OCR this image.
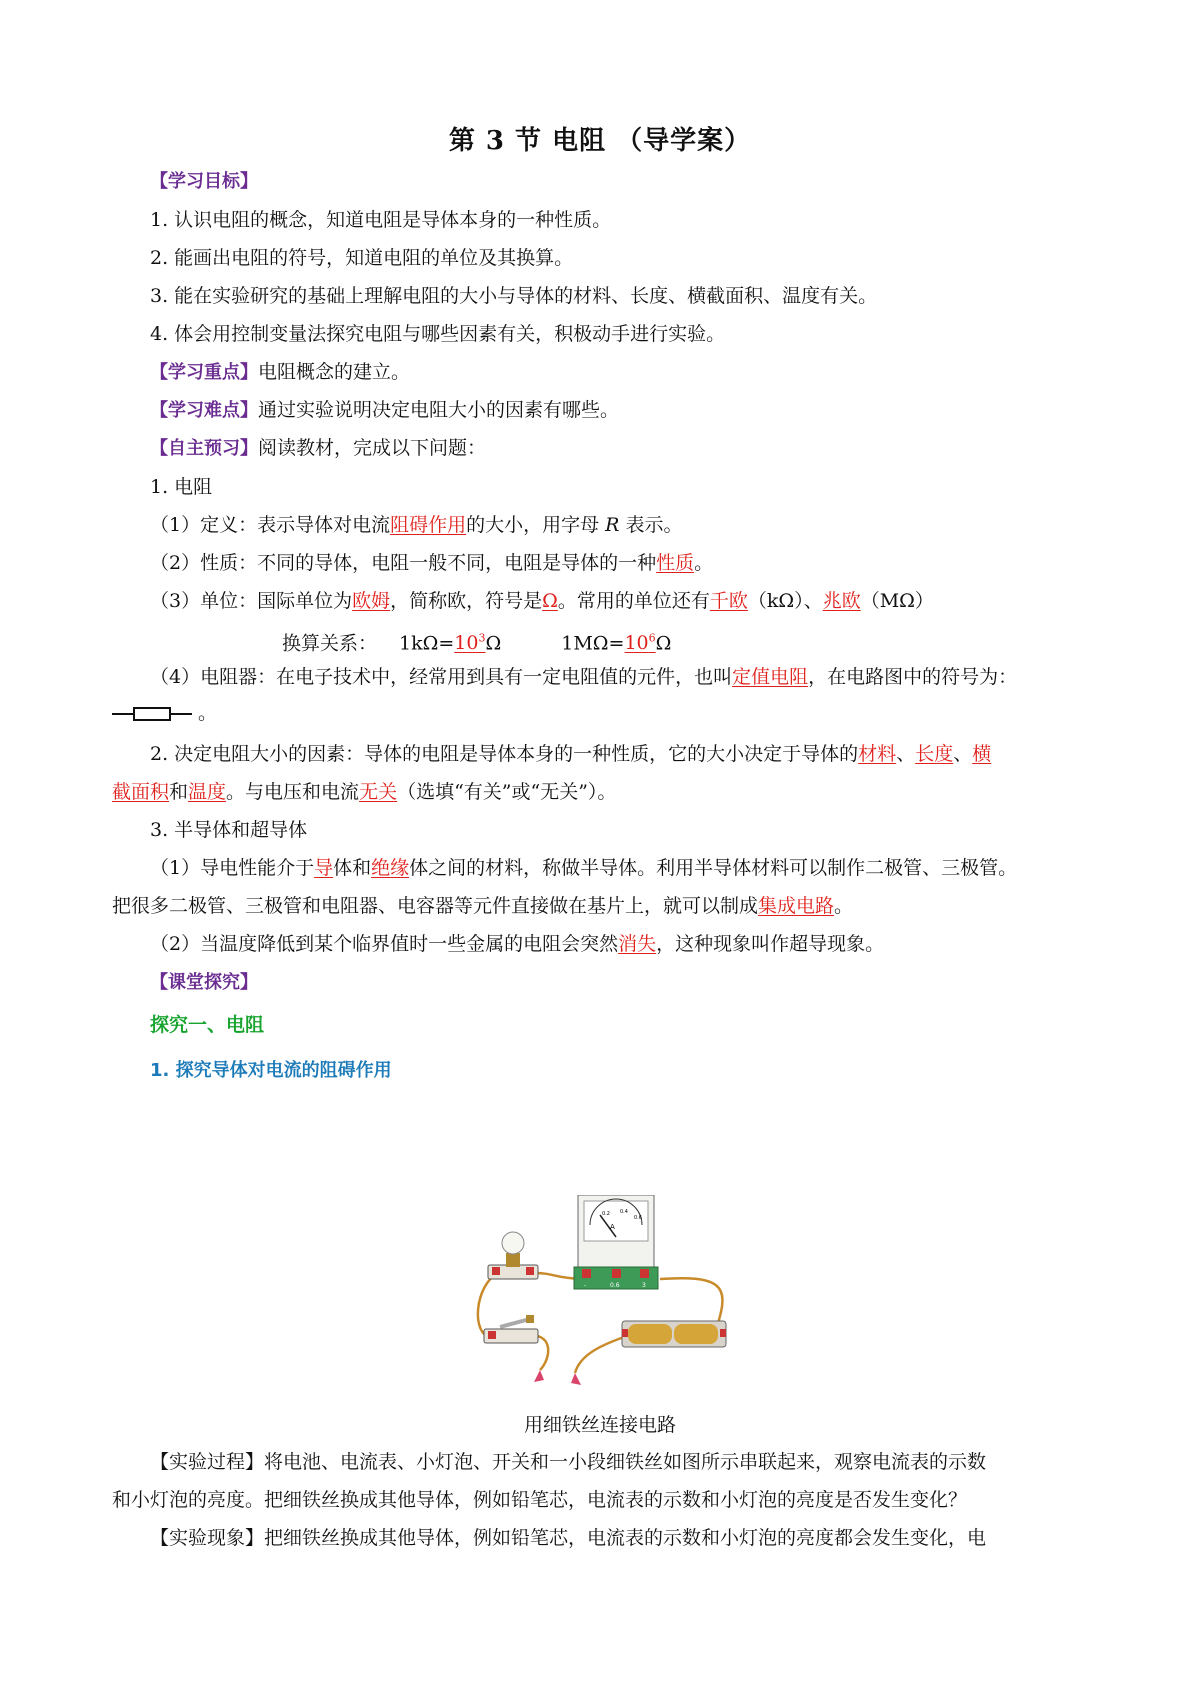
第 3 节 电阻 （导学案）
【学习目标】
1. 认识电阻的概念，知道电阻是导体本身的一种性质。
2. 能画出电阻的符号，知道电阻的单位及其换算。
3. 能在实验研究的基础上理解电阻的大小与导体的材料、长度、横截面积、温度有关。
4. 体会用控制变量法探究电阻与哪些因素有关，积极动手进行实验。
【学习重点】电阻概念的建立。
【学习难点】通过实验说明决定电阻大小的因素有哪些。
【自主预习】阅读教材，完成以下问题：
1. 电阻
（1）定义：表示导体对电流阻碍作用的大小，用字母 R 表示。
（2）性质：不同的导体，电阻一般不同，电阻是导体的一种性质。
（3）单位：国际单位为欧姆，简称欧，符号是Ω。常用的单位还有千欧（kΩ）、兆欧（MΩ）
换算关系： $1k\Omega=10^3\Omega$	$1M\Omega=10^6\Omega$
（4）电阻器：在电子技术中，经常用到具有一定电阻值的元件，也叫定值电阻，在电路图中的符号为：
。
2. 决定电阻大小的因素：导体的电阻是导体本身的一种性质，它的大小决定于导体的材料、长度、横
截面积和温度。与电压和电流无关（选填“有关”或“无关”）。
3. 半导体和超导体
（1）导电性能介于导体和绝缘体之间的材料，称做半导体。利用半导体材料可以制作二极管、三极管。
把很多二极管、三极管和电阻器、电容器等元件直接做在基片上，就可以制成集成电路。
（2）当温度降低到某个临界值时一些金属的电阻会突然消失，这种现象叫作超导现象。
【课堂探究】
探究一、电阻
1. 探究导体对电流的阻碍作用
A
0.2 0.4
0.6
-	0.6	3
用细铁丝连接电路
【实验过程】将电池、电流表、小灯泡、开关和一小段细铁丝如图所示串联起来，观察电流表的示数
和小灯泡的亮度。把细铁丝换成其他导体，例如铅笔芯，电流表的示数和小灯泡的亮度是否发生变化？
【实验现象】把细铁丝换成其他导体，例如铅笔芯，电流表的示数和小灯泡的亮度都会发生变化，电
